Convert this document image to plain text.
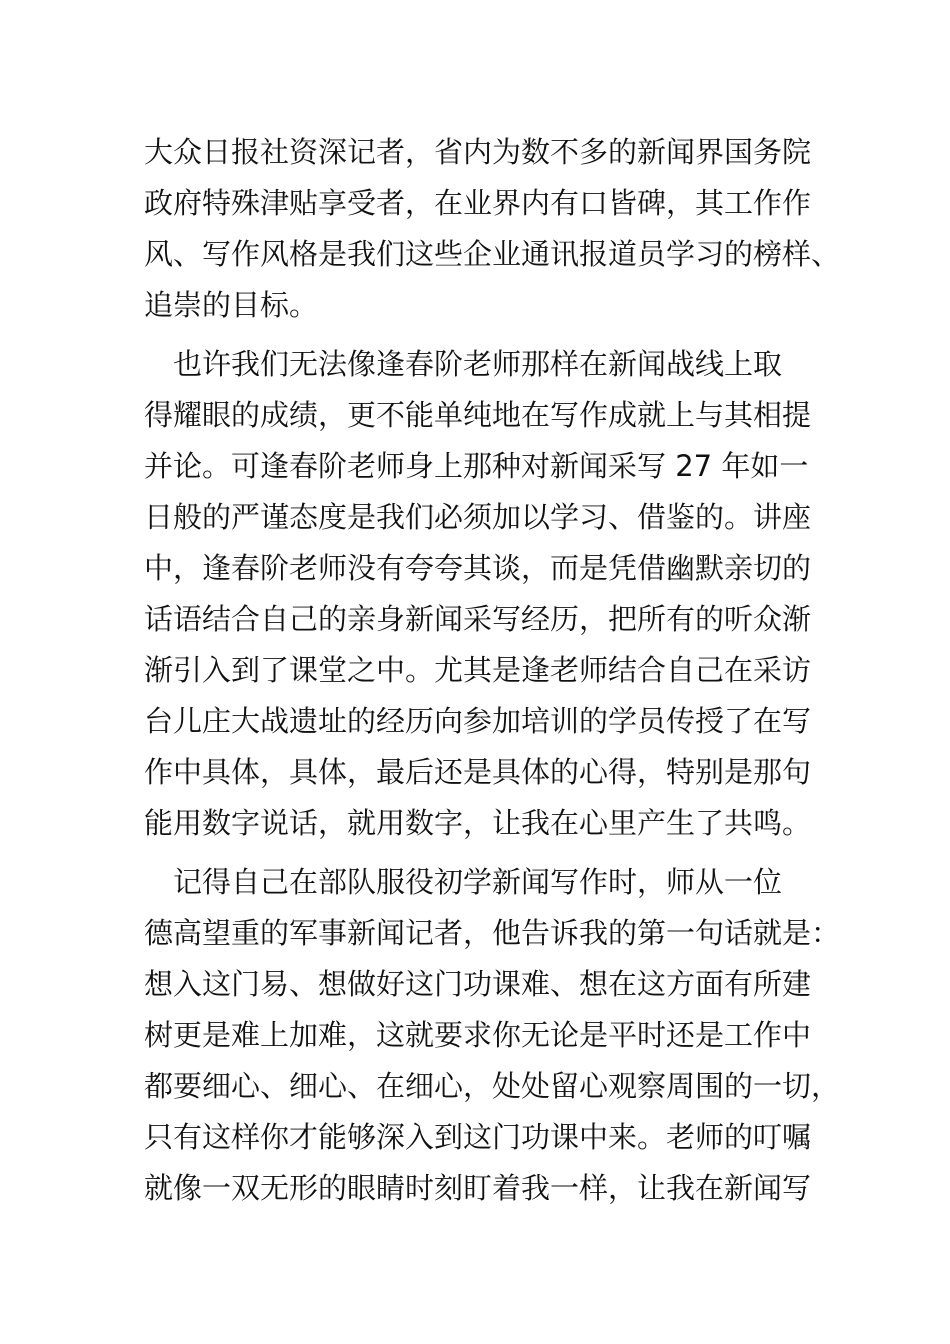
大众日报社资深记者，省内为数不多的新闻界国务院
政府特殊津贴享受者，在业界内有口皆碑，其工作作
风、写作风格是我们这些企业通讯报道员学习的榜样、
追崇的目标。
　也许我们无法像逢春阶老师那样在新闻战线上取
得耀眼的成绩，更不能单纯地在写作成就上与其相提
并论。可逢春阶老师身上那种对新闻采写 27 年如一
日般的严谨态度是我们必须加以学习、借鉴的。讲座
中，逢春阶老师没有夸夸其谈，而是凭借幽默亲切的
话语结合自己的亲身新闻采写经历，把所有的听众渐
渐引入到了课堂之中。尤其是逢老师结合自己在采访
台儿庄大战遗址的经历向参加培训的学员传授了在写
作中具体，具体，最后还是具体的心得，特别是那句
能用数字说话，就用数字，让我在心里产生了共鸣。
　记得自己在部队服役初学新闻写作时，师从一位
德高望重的军事新闻记者，他告诉我的第一句话就是：
想入这门易、想做好这门功课难、想在这方面有所建
树更是难上加难，这就要求你无论是平时还是工作中
都要细心、细心、在细心，处处留心观察周围的一切，
只有这样你才能够深入到这门功课中来。老师的叮嘱
就像一双无形的眼睛时刻盯着我一样，让我在新闻写
